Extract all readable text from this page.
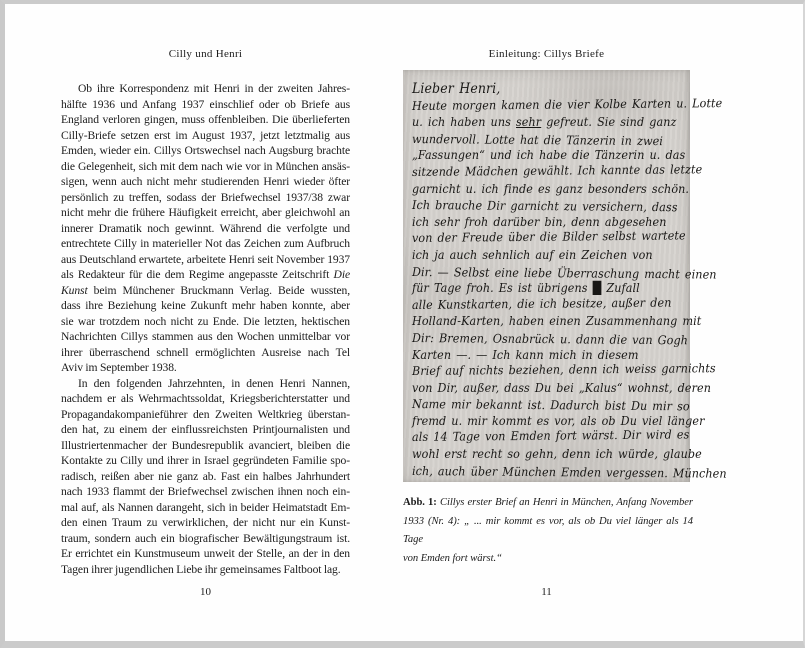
Cilly und Henri	Einleitung: Cillys Briefe
Ob ihre Korrespondenz mit Henri in der zweiten Jahres-
hälfte 1936 und Anfang 1937 einschlief oder ob Briefe aus
England verloren gingen, muss offenbleiben. Die überlieferten
Cilly-Briefe setzen erst im August 1937, jetzt letztmalig aus
Emden, wieder ein. Cillys Ortswechsel nach Augsburg brachte
die Gelegenheit, sich mit dem nach wie vor in München ansäs-
sigen, wenn auch nicht mehr studierenden Henri wieder öfter
persönlich zu treffen, sodass der Briefwechsel 1937/38 zwar
nicht mehr die frühere Häufigkeit erreicht, aber gleichwohl an
innerer Dramatik noch gewinnt. Während die verfolgte und
entrechtete Cilly in materieller Not das Zeichen zum Aufbruch
aus Deutschland erwartete, arbeitete Henri seit November 1937
als Redakteur für die dem Regime angepasste Zeitschrift Die
Kunst beim Münchener Bruckmann Verlag. Beide wussten,
dass ihre Beziehung keine Zukunft mehr haben konnte, aber
sie war trotzdem noch nicht zu Ende. Die letzten, hektischen
Nachrichten Cillys stammen aus den Wochen unmittelbar vor
ihrer überraschend schnell ermöglichten Ausreise nach Tel
Aviv im September 1938.
In den folgenden Jahrzehnten, in denen Henri Nannen,
nachdem er als Wehrmachtssoldat, Kriegsberichterstatter und
Propagandakompanieführer den Zweiten Weltkrieg überstan-
den hat, zu einem der einflussreichsten Printjournalisten und
Illustriertenmacher der Bundesrepublik avanciert, bleiben die
Kontakte zu Cilly und ihrer in Israel gegründeten Familie spo-
radisch, reißen aber nie ganz ab. Fast ein halbes Jahrhundert
nach 1933 flammt der Briefwechsel zwischen ihnen noch ein-
mal auf, als Nannen darangeht, sich in beider Heimatstadt Em-
den einen Traum zu verwirklichen, der nicht nur ein Kunst-
traum, sondern auch ein biografischer Bewältigungstraum ist.
Er errichtet ein Kunstmuseum unweit der Stelle, an der in den
Tagen ihrer jugendlichen Liebe ihr gemeinsames Faltboot lag.
10
Lieber Henri,
Heute morgen kamen die vier Kolbe Karten u. Lotte
u. ich haben uns sehr gefreut. Sie sind ganz
wundervoll. Lotte hat die Tänzerin in zwei
„Fassungen“ und ich habe die Tänzerin u. das
sitzende Mädchen gewählt. Ich kannte das letzte
garnicht u. ich finde es ganz besonders schön.
Ich brauche Dir garnicht zu versichern, dass
ich sehr froh darüber bin, denn abgesehen
von der Freude über die Bilder selbst wartete
ich ja auch sehnlich auf ein Zeichen von
Dir. — Selbst eine liebe Überraschung macht einen
für Tage froh. Es ist übrigens █ Zufall
alle Kunstkarten, die ich besitze, außer den
Holland-Karten, haben einen Zusammenhang mit
Dir: Bremen, Osnabrück u. dann die van Gogh
Karten —. — Ich kann mich in diesem
Brief auf nichts beziehen, denn ich weiss garnichts
von Dir, außer, dass Du bei „Kalus“ wohnst, deren
Name mir bekannt ist. Dadurch bist Du mir so
fremd u. mir kommt es vor, als ob Du viel länger
als 14 Tage von Emden fort wärst. Dir wird es
wohl erst recht so gehn, denn ich würde, glaube
ich, auch über München Emden vergessen. München
Abb. 1: Cillys erster Brief an Henri in München, Anfang November
1933 (Nr. 4): „ ... mir kommt es vor, als ob Du viel länger als 14 Tage
von Emden fort wärst.“
11
